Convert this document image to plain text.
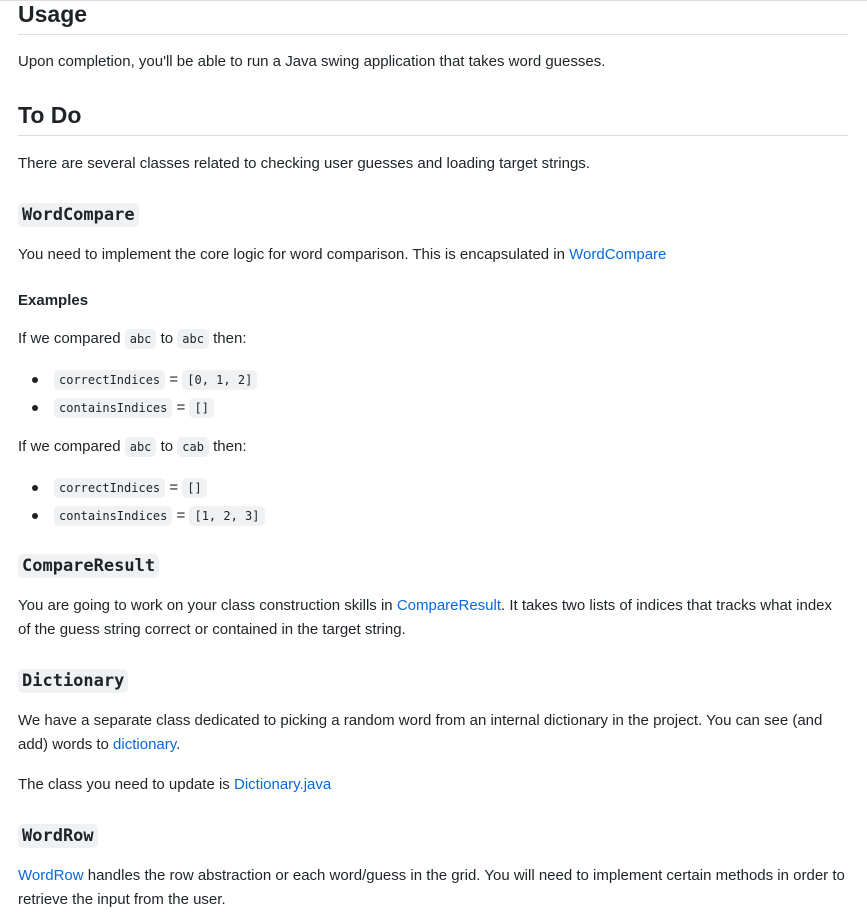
Usage

Upon completion, you'll be able to run a Java swing application that takes word guesses.

To Do

There are several classes related to checking user guesses and loading target strings.

WordCompare

You need to implement the core logic for word comparison. This is encapsulated in WordCompare

Examples

If we compared abc to abc then:

correctIndices = [0, 1, 2]
containsIndices = []

If we compared abc to cab then:

correctIndices = []
containsIndices = [1, 2, 3]
CompareResult

You are going to work on your class construction skills in CompareResult. It takes two lists of indices that tracks what index of the guess string correct or contained in the target string.

Dictionary

We have a separate class dedicated to picking a random word from an internal dictionary in the project. You can see (and add) words to dictionary.

The class you need to update is Dictionary.java

WordRow

WordRow handles the row abstraction or each word/guess in the grid. You will need to implement certain methods in order to retrieve the input from the user.
